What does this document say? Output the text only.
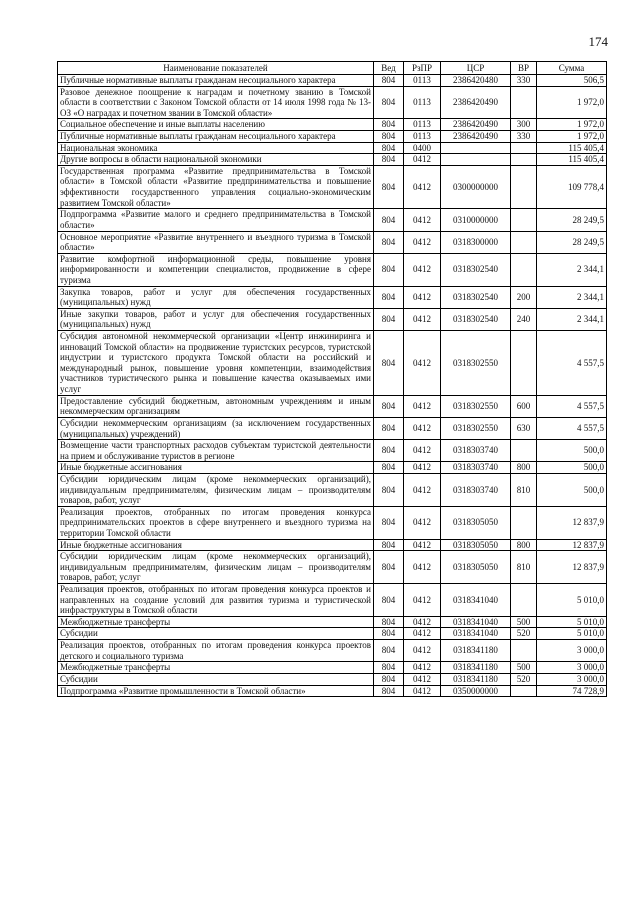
174
Наименование показателей	Вед	РзПР	ЦСР	ВР	Сумма
Публичные нормативные выплаты гражданам несоциального характера	804	0113	2386420480	330	506,5
Разовое денежное поощрение к наградам и почетному званию в Томской области в соответствии с Законом Томской области от 14 июля 1998 года № 13-ОЗ «О наградах и почетном звании в Томской области»	804	0113	2386420490		1 972,0
Социальное обеспечение и иные выплаты населению	804	0113	2386420490	300	1 972,0
Публичные нормативные выплаты гражданам несоциального характера	804	0113	2386420490	330	1 972,0
Национальная экономика	804	0400			115 405,4
Другие вопросы в области национальной экономики	804	0412			115 405,4
Государственная программа «Развитие предпринимательства в Томской области» в Томской области «Развитие предпринимательства и повышение эффективности государственного управления социально-экономическим развитием Томской области»	804	0412	0300000000		109 778,4
Подпрограмма «Развитие малого и среднего предпринимательства в Томской области»	804	0412	0310000000		28 249,5
Основное мероприятие «Развитие внутреннего и въездного туризма в Томской области»	804	0412	0318300000		28 249,5
Развитие комфортной информационной среды, повышение уровня информированности и компетенции специалистов, продвижение в сфере туризма	804	0412	0318302540		2 344,1
Закупка товаров, работ и услуг для обеспечения государственных (муниципальных) нужд	804	0412	0318302540	200	2 344,1
Иные закупки товаров, работ и услуг для обеспечения государственных (муниципальных) нужд	804	0412	0318302540	240	2 344,1
Субсидия автономной некоммерческой организации «Центр инжиниринга и инноваций Томской области» на продвижение туристских ресурсов, туристской индустрии и туристского продукта Томской области на российский и международный рынок, повышение уровня компетенции, взаимодействия участников туристического рынка и повышение качества оказываемых ими услуг	804	0412	0318302550		4 557,5
Предоставление субсидий бюджетным, автономным учреждениям и иным некоммерческим организациям	804	0412	0318302550	600	4 557,5
Субсидии некоммерческим организациям (за исключением государственных (муниципальных) учреждений)	804	0412	0318302550	630	4 557,5
Возмещение части транспортных расходов субъектам туристской деятельности на прием и обслуживание туристов в регионе	804	0412	0318303740		500,0
Иные бюджетные ассигнования	804	0412	0318303740	800	500,0
Субсидии юридическим лицам (кроме некоммерческих организаций), индивидуальным предпринимателям, физическим лицам – производителям товаров, работ, услуг	804	0412	0318303740	810	500,0
Реализация проектов, отобранных по итогам проведения конкурса предпринимательских проектов в сфере внутреннего и въездного туризма на территории Томской области	804	0412	0318305050		12 837,9
Иные бюджетные ассигнования	804	0412	0318305050	800	12 837,9
Субсидии юридическим лицам (кроме некоммерческих организаций), индивидуальным предпринимателям, физическим лицам – производителям товаров, работ, услуг	804	0412	0318305050	810	12 837,9
Реализация проектов, отобранных по итогам проведения конкурса проектов и направленных на создание условий для развития туризма и туристической инфраструктуры в Томской области	804	0412	0318341040		5 010,0
Межбюджетные трансферты	804	0412	0318341040	500	5 010,0
Субсидии	804	0412	0318341040	520	5 010,0
Реализация проектов, отобранных по итогам проведения конкурса проектов детского и социального туризма	804	0412	0318341180		3 000,0
Межбюджетные трансферты	804	0412	0318341180	500	3 000,0
Субсидии	804	0412	0318341180	520	3 000,0
Подпрограмма «Развитие промышленности в Томской области»	804	0412	0350000000		74 728,9
